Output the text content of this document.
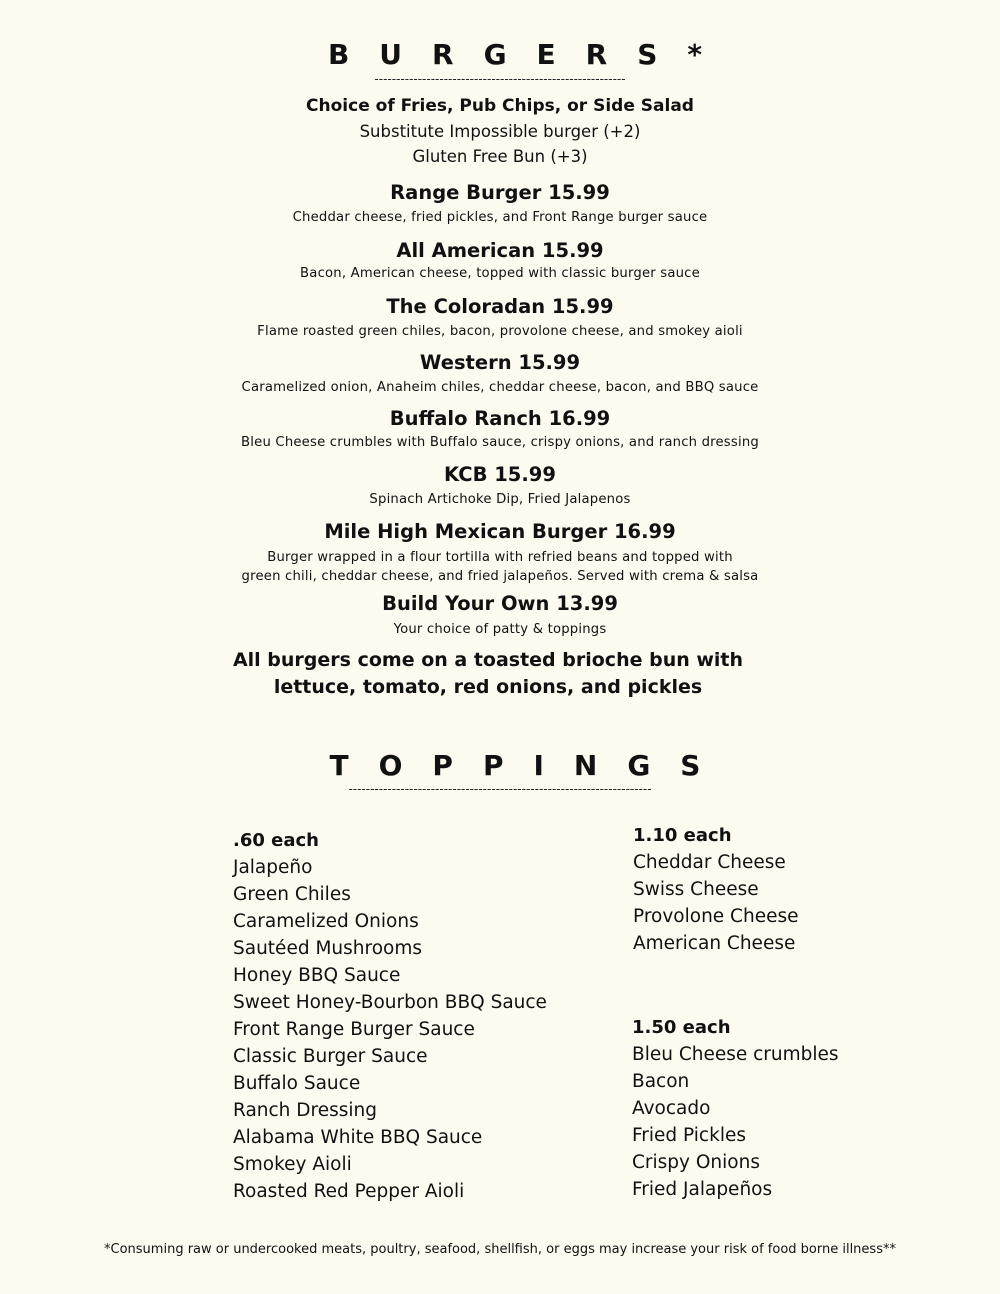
BURGERS*
----------------------------------------------------------
Choice of Fries, Pub Chips, or Side Salad
Substitute Impossible burger (+2)
Gluten Free Bun (+3)
Range Burger 15.99
Cheddar cheese, fried pickles, and Front Range burger sauce
All American 15.99
Bacon, American cheese, topped with classic burger sauce
The Coloradan 15.99
Flame roasted green chiles, bacon, provolone cheese, and smokey aioli
Western 15.99
Caramelized onion, Anaheim chiles, cheddar cheese, bacon, and BBQ sauce
Buffalo Ranch 16.99
Bleu Cheese crumbles with Buffalo sauce, crispy onions, and ranch dressing
KCB 15.99
Spinach Artichoke Dip, Fried Jalapenos
Mile High Mexican Burger 16.99
Burger wrapped in a flour tortilla with refried beans and topped with
green chili, cheddar cheese, and fried jalapeños. Served with crema & salsa
Build Your Own 13.99
Your choice of patty & toppings
All burgers come on a toasted brioche bun with
lettuce, tomato, red onions, and pickles
TOPPINGS
----------------------------------------------------------------------
.60 each
Jalapeño
Green Chiles
Caramelized Onions
Sautéed Mushrooms
Honey BBQ Sauce
Sweet Honey-Bourbon BBQ Sauce
Front Range Burger Sauce
Classic Burger Sauce
Buffalo Sauce
Ranch Dressing
Alabama White BBQ Sauce
Smokey Aioli
Roasted Red Pepper Aioli
1.10 each
Cheddar Cheese
Swiss Cheese
Provolone Cheese
American Cheese
1.50 each
Bleu Cheese crumbles
Bacon
Avocado
Fried Pickles
Crispy Onions
Fried Jalapeños
*Consuming raw or undercooked meats, poultry, seafood, shellfish, or eggs may increase your risk of food borne illness**
